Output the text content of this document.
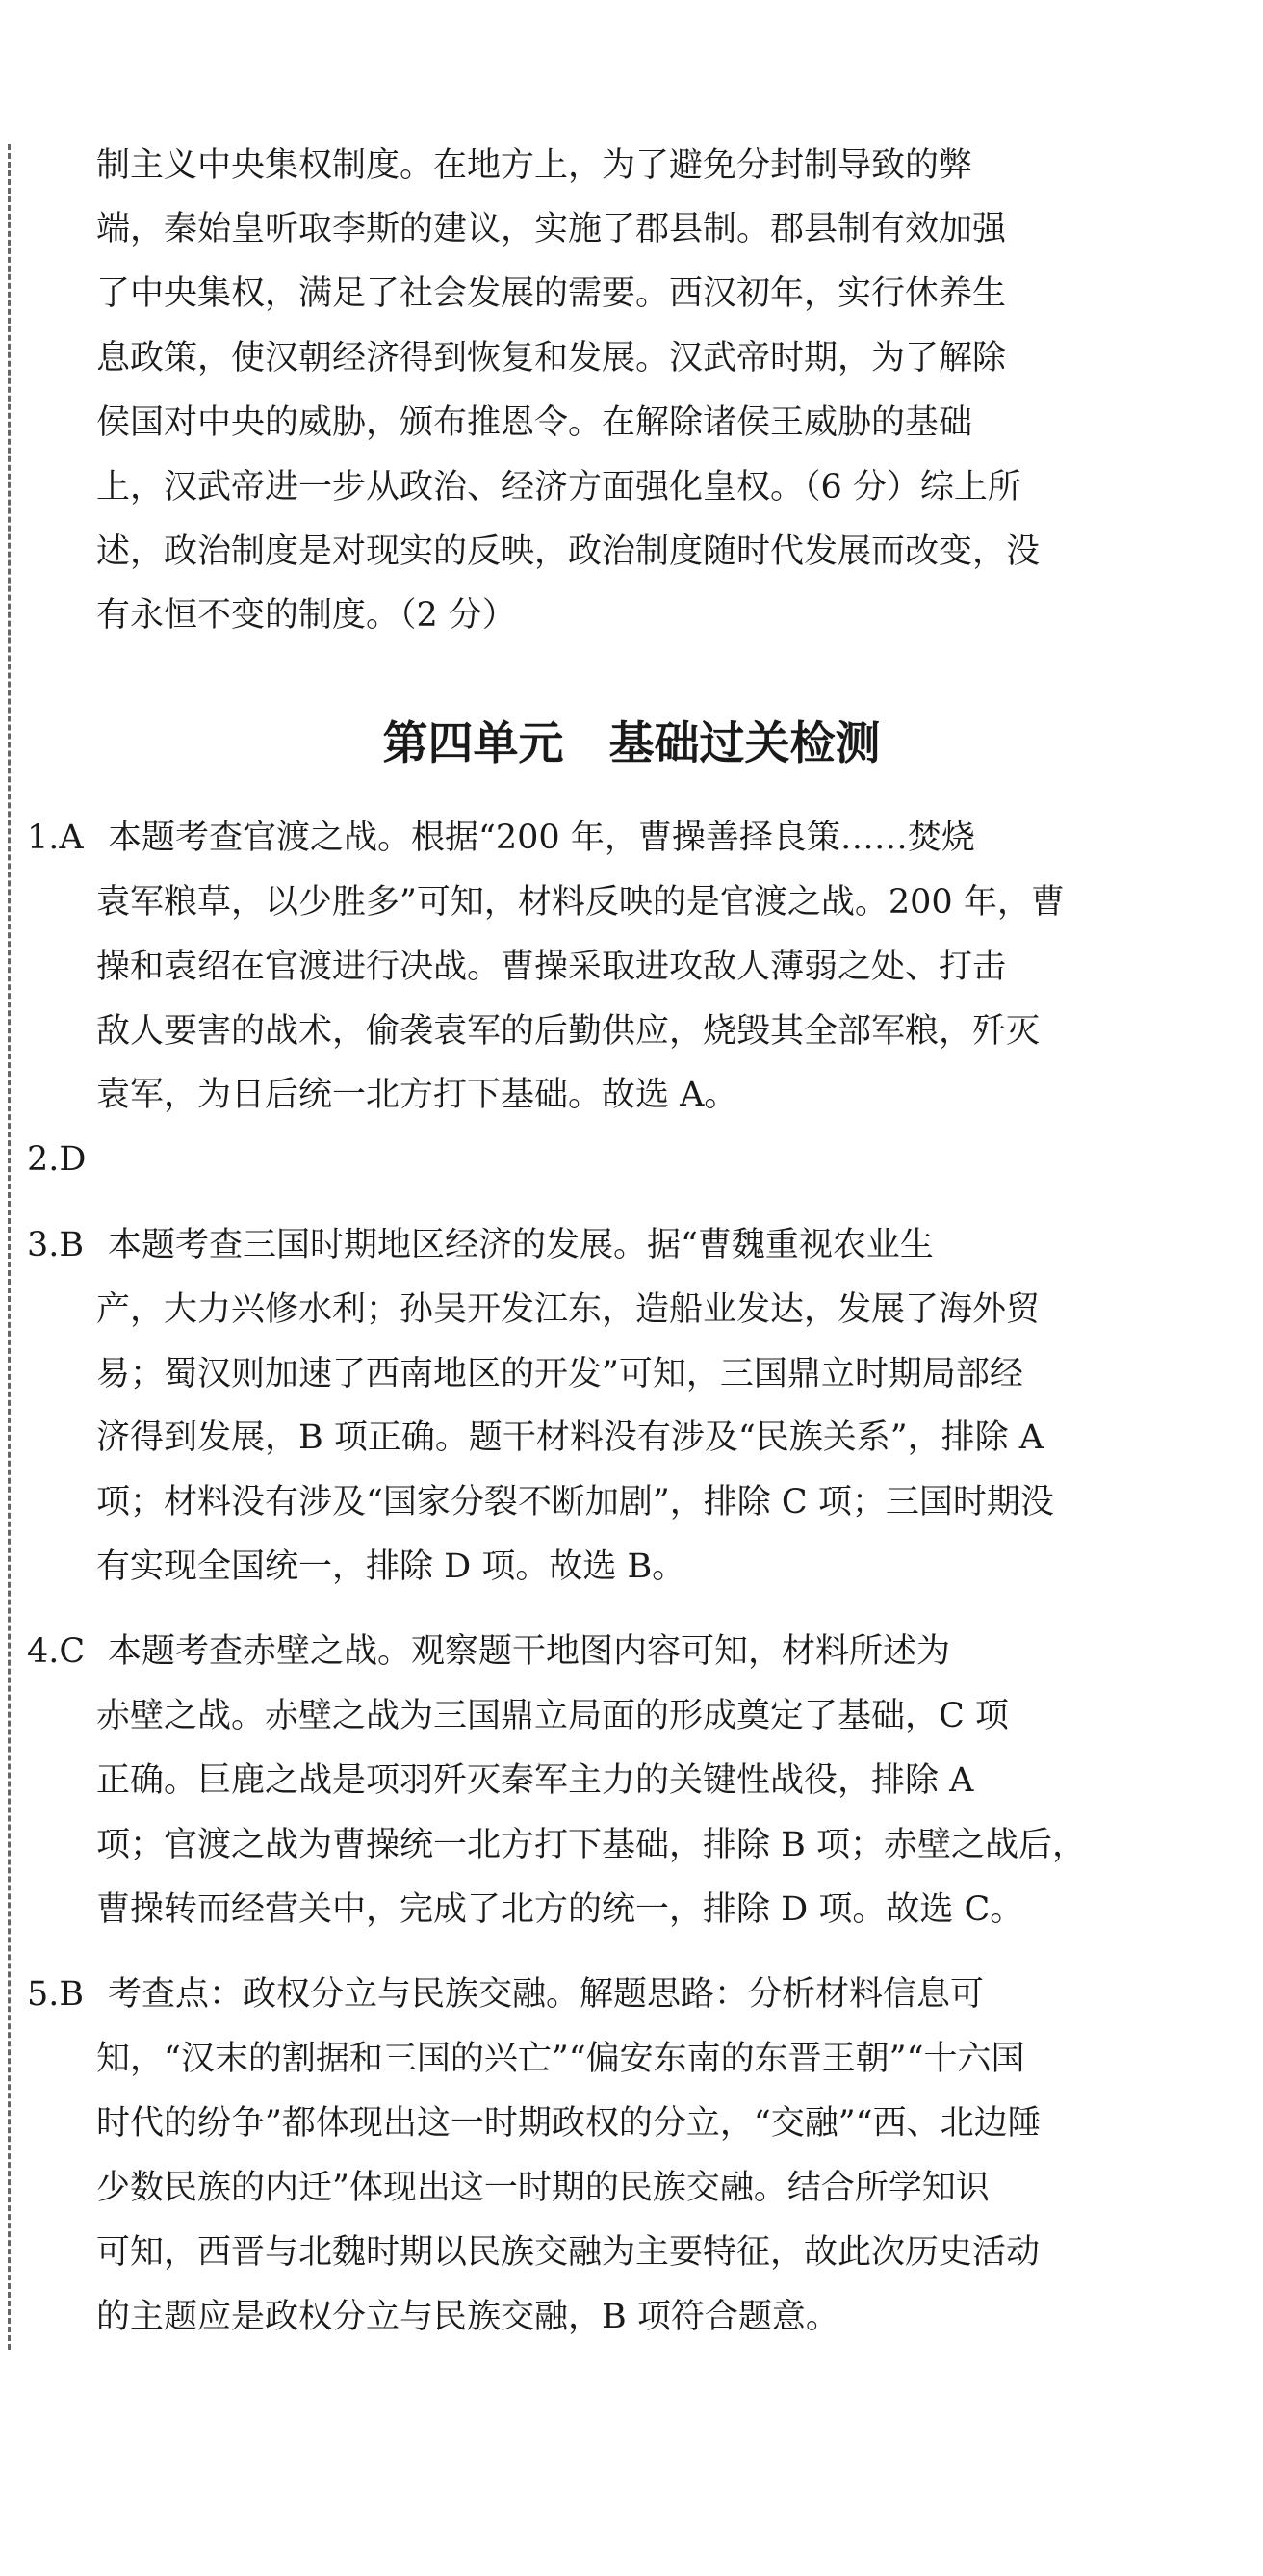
制主义中央集权制度。在地方上，为了避免分封制导致的弊
端，秦始皇听取李斯的建议，实施了郡县制。郡县制有效加强
了中央集权，满足了社会发展的需要。西汉初年，实行休养生
息政策，使汉朝经济得到恢复和发展。汉武帝时期，为了解除
侯国对中央的威胁，颁布推恩令。在解除诸侯王威胁的基础
上，汉武帝进一步从政治、经济方面强化皇权。（6 分）综上所
述，政治制度是对现实的反映，政治制度随时代发展而改变，没
有永恒不变的制度。（2 分）
第四单元　基础过关检测
1.A 本题考查官渡之战。根据“200 年，曹操善择良策……焚烧
袁军粮草，以少胜多”可知，材料反映的是官渡之战。200 年，曹
操和袁绍在官渡进行决战。曹操采取进攻敌人薄弱之处、打击
敌人要害的战术，偷袭袁军的后勤供应，烧毁其全部军粮，歼灭
袁军，为日后统一北方打下基础。故选 A。
2.D
3.B 本题考查三国时期地区经济的发展。据“曹魏重视农业生
产，大力兴修水利；孙吴开发江东，造船业发达，发展了海外贸
易；蜀汉则加速了西南地区的开发”可知，三国鼎立时期局部经
济得到发展，B 项正确。题干材料没有涉及“民族关系”，排除 A
项；材料没有涉及“国家分裂不断加剧”，排除 C 项；三国时期没
有实现全国统一，排除 D 项。故选 B。
4.C 本题考查赤壁之战。观察题干地图内容可知，材料所述为
赤壁之战。赤壁之战为三国鼎立局面的形成奠定了基础，C 项
正确。巨鹿之战是项羽歼灭秦军主力的关键性战役，排除 A
项；官渡之战为曹操统一北方打下基础，排除 B 项；赤壁之战后，
曹操转而经营关中，完成了北方的统一，排除 D 项。故选 C。
5.B 考查点：政权分立与民族交融。解题思路：分析材料信息可
知，“汉末的割据和三国的兴亡”“偏安东南的东晋王朝”“十六国
时代的纷争”都体现出这一时期政权的分立，“交融”“西、北边陲
少数民族的内迁”体现出这一时期的民族交融。结合所学知识
可知，西晋与北魏时期以民族交融为主要特征，故此次历史活动
的主题应是政权分立与民族交融，B 项符合题意。
